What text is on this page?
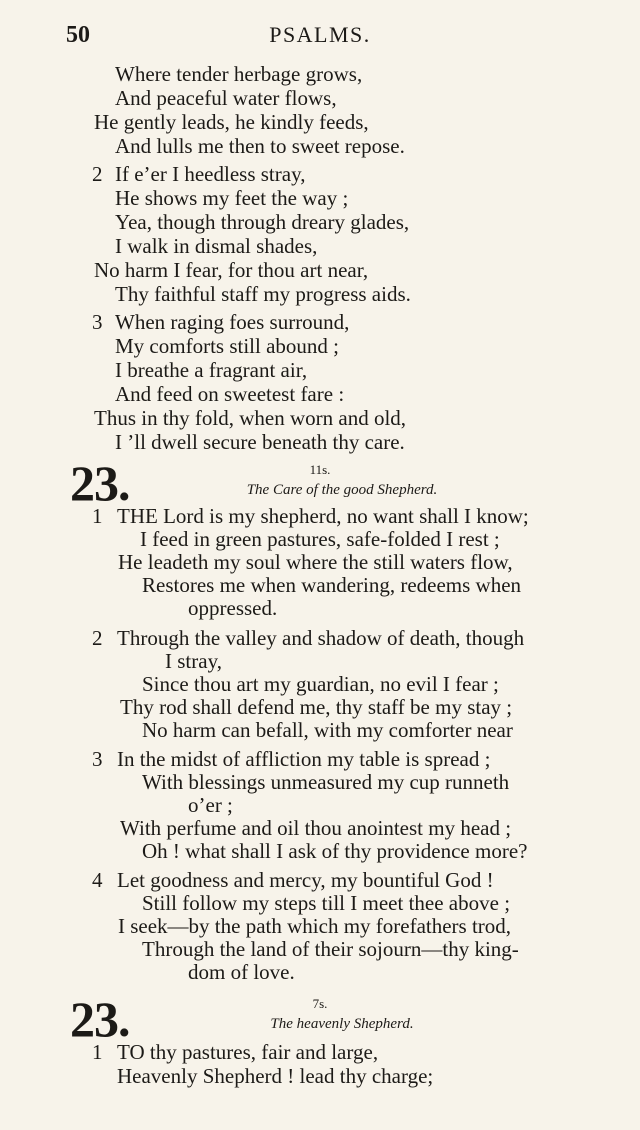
50	PSALMS.
Where tender herbage grows,
And peaceful water flows,
He gently leads, he kindly feeds,
And lulls me then to sweet repose.
2 If e’er I heedless stray,
He shows my feet the way ;
Yea, though through dreary glades,
I walk in dismal shades,
No harm I fear, for thou art near,
Thy faithful staff my progress aids.
3 When raging foes surround,
My comforts still abound ;
I breathe a fragrant air,
And feed on sweetest fare :
Thus in thy fold, when worn and old,
I ’ll dwell secure beneath thy care.
23.	11s.
The Care of the good Shepherd.
1 THE Lord is my shepherd, no want shall I know;
I feed in green pastures, safe-folded I rest ;
He leadeth my soul where the still waters flow,
Restores me when wandering, redeems when
oppressed.
2 Through the valley and shadow of death, though
I stray,
Since thou art my guardian, no evil I fear ;
Thy rod shall defend me, thy staff be my stay ;
No harm can befall, with my comforter near
3 In the midst of affliction my table is spread ;
With blessings unmeasured my cup runneth
o’er ;
With perfume and oil thou anointest my head ;
Oh ! what shall I ask of thy providence more?
4 Let goodness and mercy, my bountiful God !
Still follow my steps till I meet thee above ;
I seek—by the path which my forefathers trod,
Through the land of their sojourn—thy king-
dom of love.
23.	7s.
The heavenly Shepherd.
1 TO thy pastures, fair and large,
Heavenly Shepherd ! lead thy charge;
